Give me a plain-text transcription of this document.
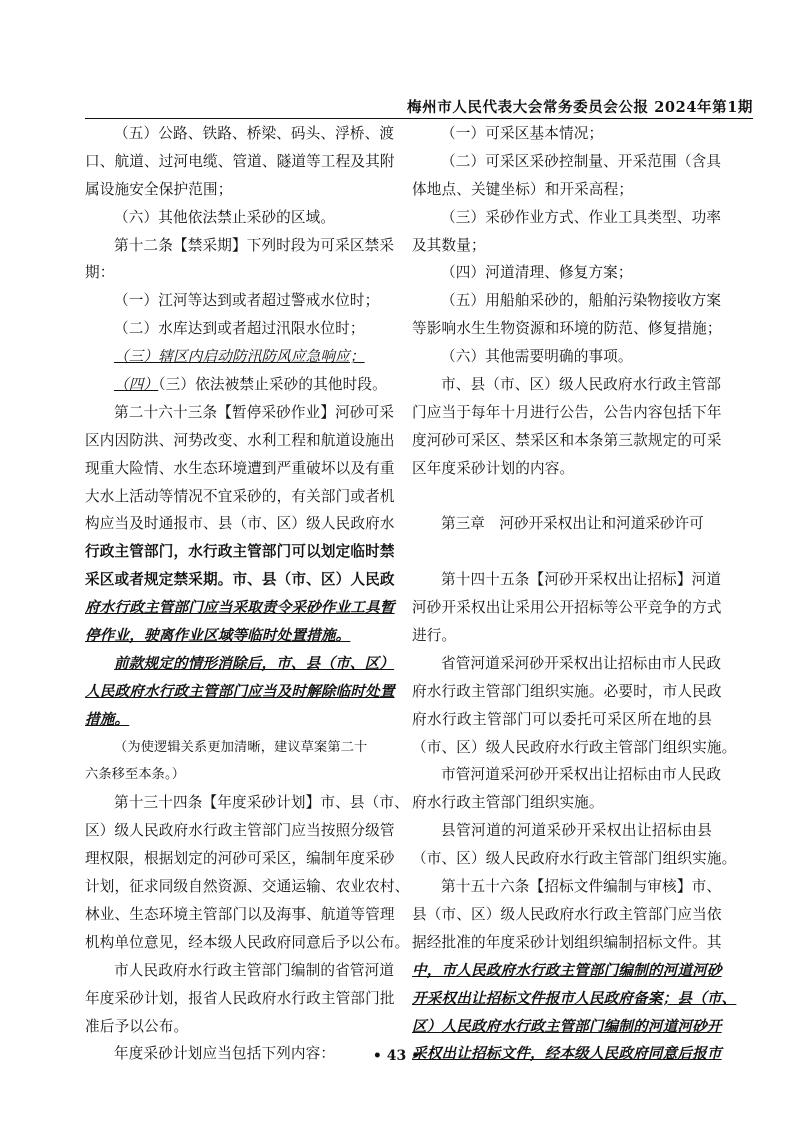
梅州市人民代表大会常务委员会公报 2024年第1期
（五）公路、铁路、桥梁、码头、浮桥、渡
口、航道、过河电缆、管道、隧道等工程及其附
属设施安全保护范围；
（六）其他依法禁止采砂的区域。
第十二条【禁采期】下列时段为可采区禁采
期：
（一）江河等达到或者超过警戒水位时；
（二）水库达到或者超过汛限水位时；
（三）辖区内启动防汛防风应急响应；
（四）（三）依法被禁止采砂的其他时段。
第二十六十三条【暂停采砂作业】河砂可采
区内因防洪、河势改变、水利工程和航道设施出
现重大险情、水生态环境遭到严重破坏以及有重
大水上活动等情况不宜采砂的，有关部门或者机
构应当及时通报市、县（市、区）级人民政府水
行政主管部门，水行政主管部门可以划定临时禁
采区或者规定禁采期。市、县（市、区）人民政
府水行政主管部门应当采取责令采砂作业工具暂
停作业，驶离作业区域等临时处置措施。
前款规定的情形消除后，市、县（市、区）
人民政府水行政主管部门应当及时解除临时处置
措施。
（为使逻辑关系更加清晰，建议草案第二十
六条移至本条。）
第十三十四条【年度采砂计划】市、县（市、
区）级人民政府水行政主管部门应当按照分级管
理权限，根据划定的河砂可采区，编制年度采砂
计划，征求同级自然资源、交通运输、农业农村、
林业、生态环境主管部门以及海事、航道等管理
机构单位意见，经本级人民政府同意后予以公布。
市人民政府水行政主管部门编制的省管河道
年度采砂计划，报省人民政府水行政主管部门批
准后予以公布。
年度采砂计划应当包括下列内容：
（一）可采区基本情况；
（二）可采区采砂控制量、开采范围（含具
体地点、关键坐标）和开采高程；
（三）采砂作业方式、作业工具类型、功率
及其数量；
（四）河道清理、修复方案；
（五）用船舶采砂的，船舶污染物接收方案
等影响水生生物资源和环境的防范、修复措施；
（六）其他需要明确的事项。
市、县（市、区）级人民政府水行政主管部
门应当于每年十月进行公告，公告内容包括下年
度河砂可采区、禁采区和本条第三款规定的可采
区年度采砂计划的内容。
第三章　河砂开采权出让和河道采砂许可
第十四十五条【河砂开采权出让招标】河道
河砂开采权出让采用公开招标等公平竞争的方式
进行。
省管河道采河砂开采权出让招标由市人民政
府水行政主管部门组织实施。必要时，市人民政
府水行政主管部门可以委托可采区所在地的县
（市、区）级人民政府水行政主管部门组织实施。
市管河道采河砂开采权出让招标由市人民政
府水行政主管部门组织实施。
县管河道的河道采砂开采权出让招标由县
（市、区）级人民政府水行政主管部门组织实施。
第十五十六条【招标文件编制与审核】市、
县（市、区）级人民政府水行政主管部门应当依
据经批准的年度采砂计划组织编制招标文件。其
中，市人民政府水行政主管部门编制的河道河砂
开采权出让招标文件报市人民政府备案；县（市、
区）人民政府水行政主管部门编制的河道河砂开
采权出让招标文件，经本级人民政府同意后报市
• 43 •
